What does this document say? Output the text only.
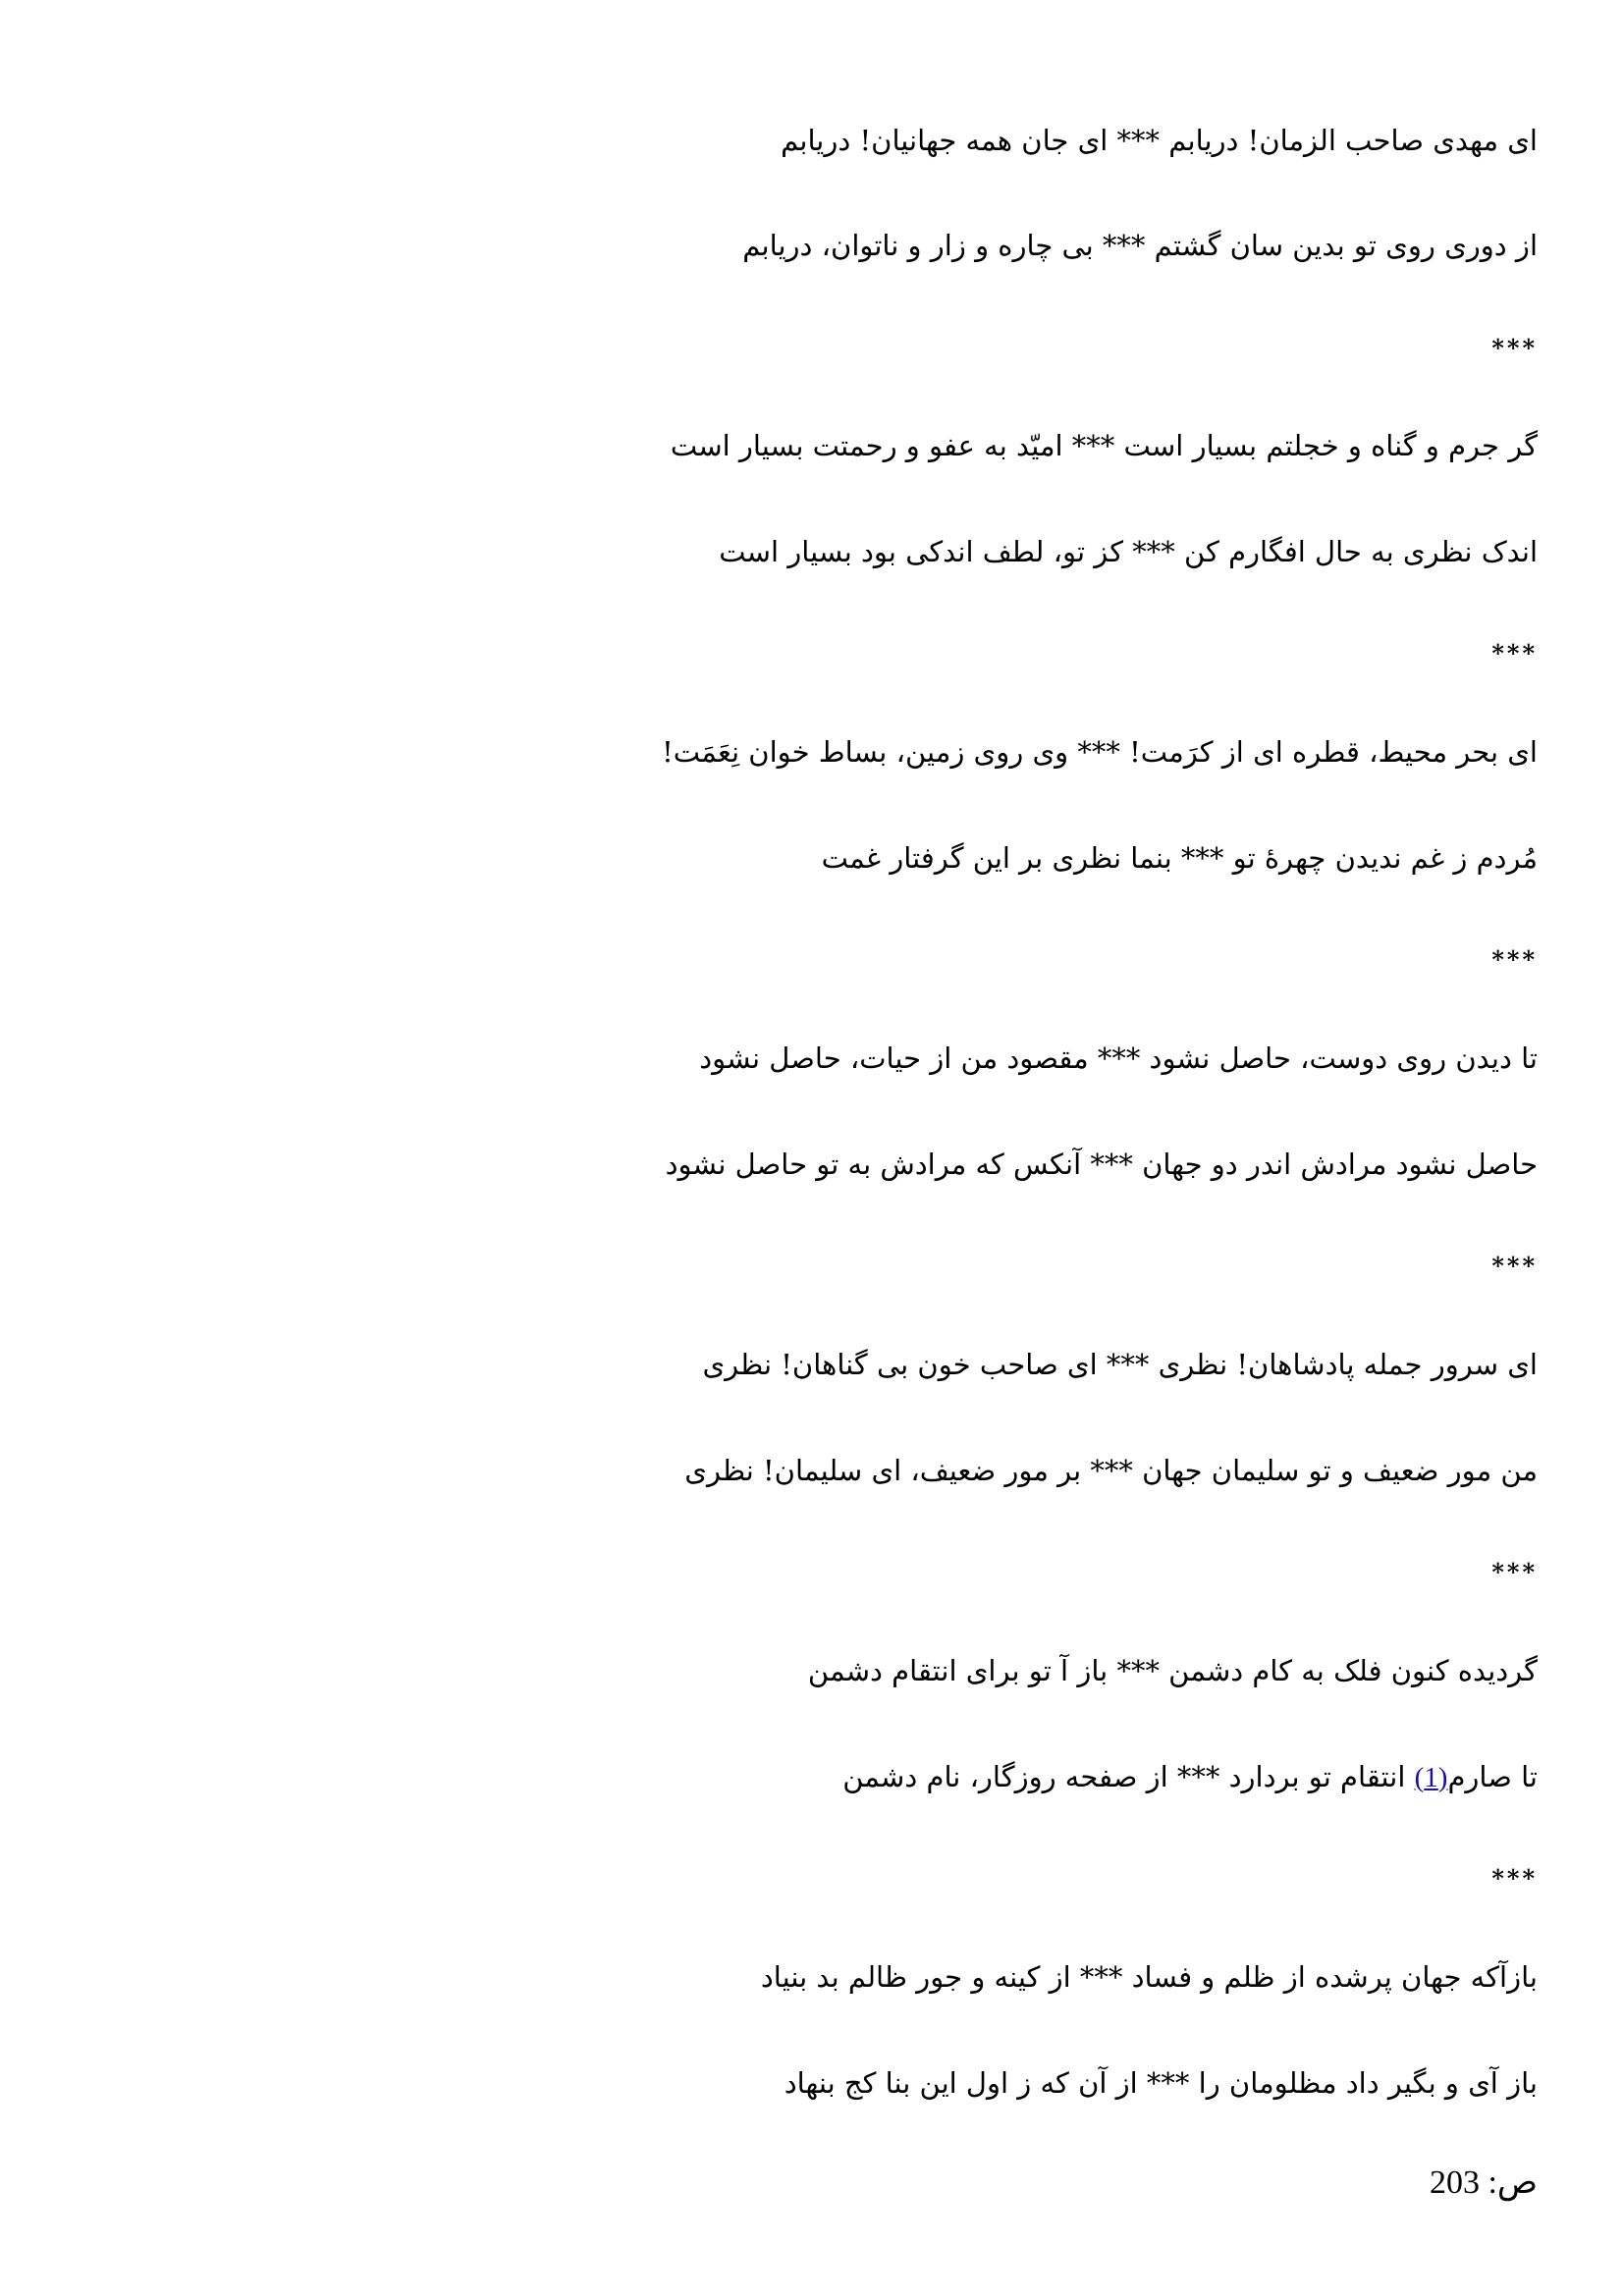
ای مهدی صاحب الزمان! دریابم *** ای جان همه جهانیان! دریابم
از دوری روی تو بدین سان گشتم *** بی چاره و زار و ناتوان، دریابم
***
گر جرم و گناه و خجلتم بسیار است *** امیّد به عفو و رحمتت بسیار است
اندک نظری به حال افگارم کن *** کز تو، لطف اندکی بود بسیار است
***
ای بحر محیط، قطره ای از کرَمت! *** وی روی زمین، بساط خوان نِعَمَت!
مُردم ز غم ندیدن چهرهٔ تو *** بنما نظری بر این گرفتار غمت
***
تا دیدن روی دوست، حاصل نشود *** مقصود من از حیات، حاصل نشود
حاصل نشود مرادش اندر دو جهان *** آنکس که مرادش به تو حاصل نشود
***
ای سرور جمله پادشاهان! نظری *** ای صاحب خون بی گناهان! نظری
من مور ضعیف و تو سلیمان جهان *** بر مور ضعیف، ای سلیمان! نظری
***
گردیده کنون فلک به کام دشمن *** باز آ تو برای انتقام دشمن
تا صارم(1) انتقام تو بردارد *** از صفحه روزگار، نام دشمن
***
بازآکه جهان پرشده از ظلم و فساد *** از کینه و جور ظالم بد بنیاد
باز آی و بگیر داد مظلومان را *** از آن که ز اول این بنا کج بنهاد
ص: 203
